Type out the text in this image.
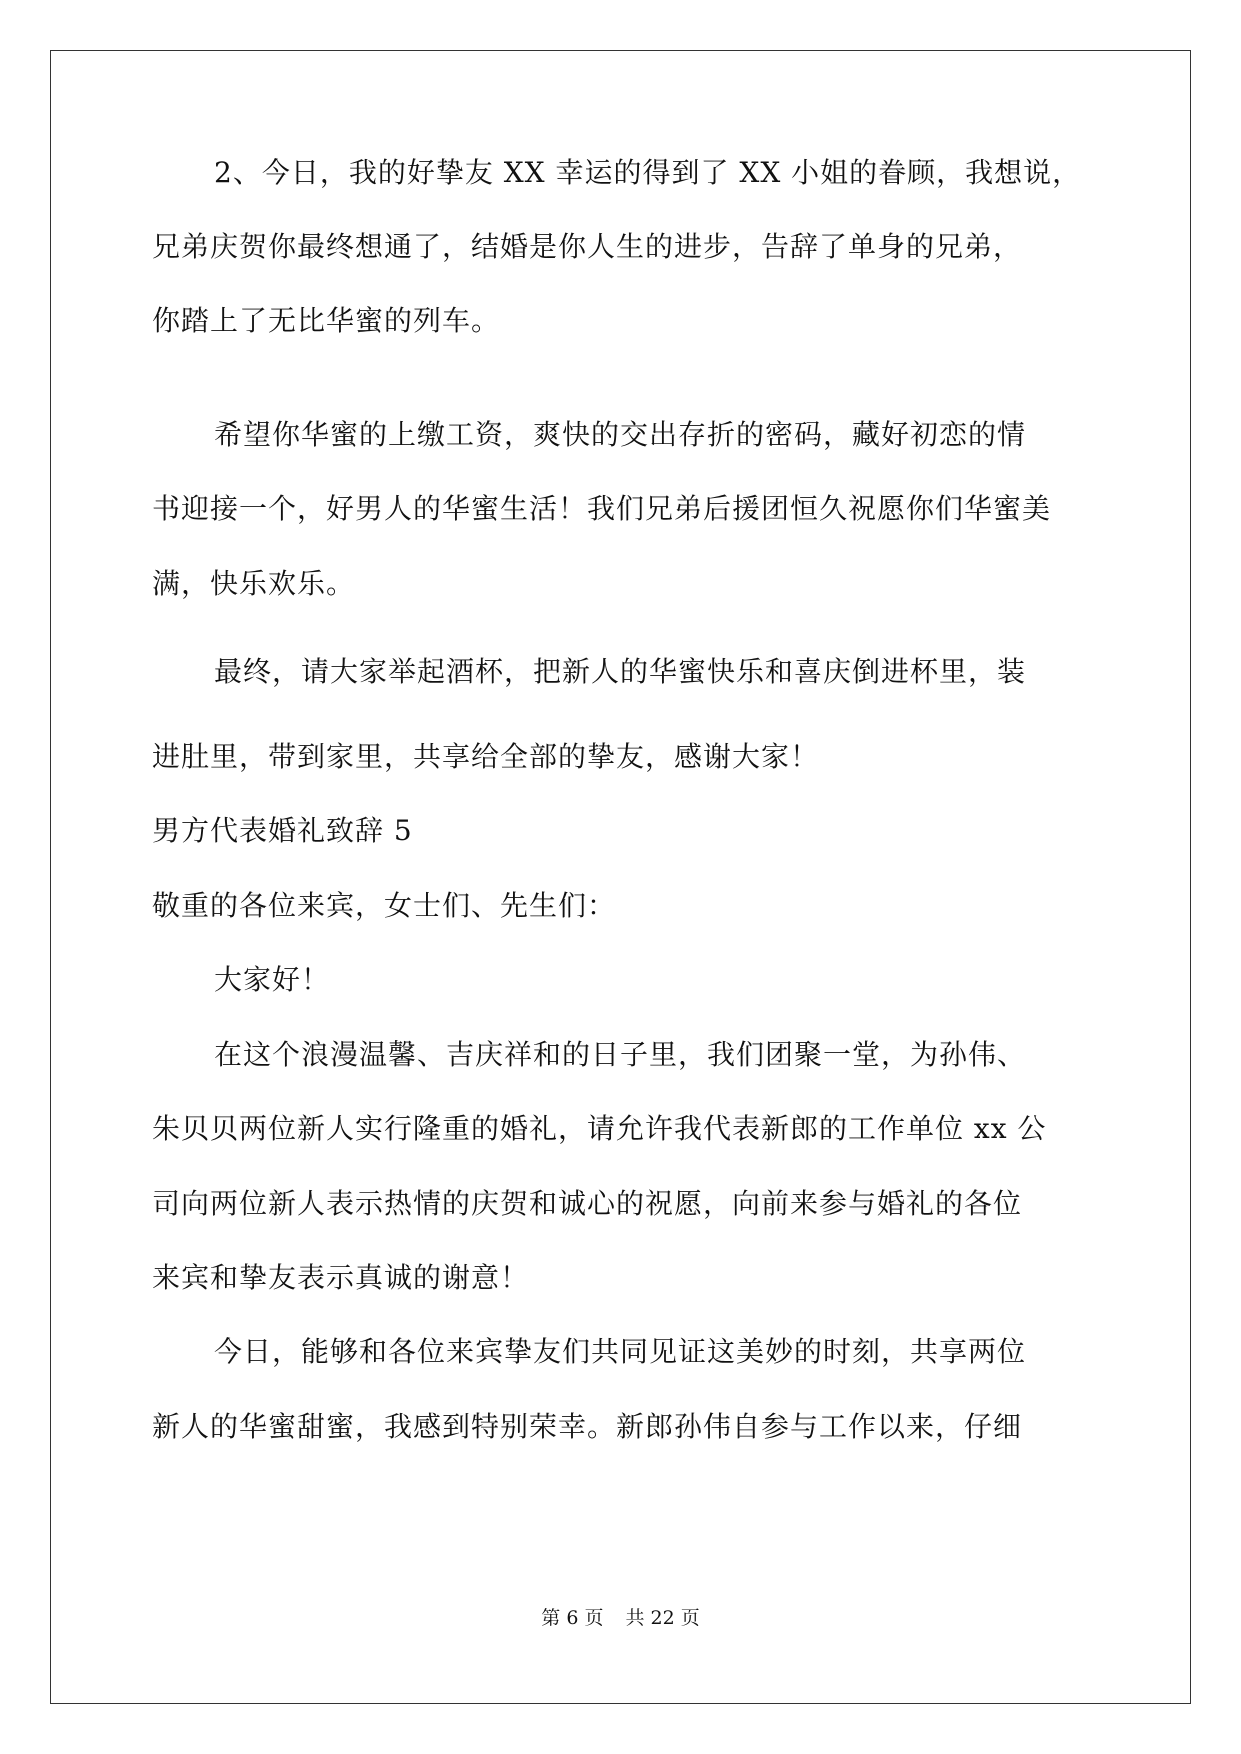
2、今日，我的好挚友 XX 幸运的得到了 XX 小姐的眷顾，我想说，
兄弟庆贺你最终想通了，结婚是你人生的进步，告辞了单身的兄弟，
你踏上了无比华蜜的列车。
希望你华蜜的上缴工资，爽快的交出存折的密码，藏好初恋的情
书迎接一个，好男人的华蜜生活！我们兄弟后援团恒久祝愿你们华蜜美
满，快乐欢乐。
最终，请大家举起酒杯，把新人的华蜜快乐和喜庆倒进杯里，装
进肚里，带到家里，共享给全部的挚友，感谢大家！
男方代表婚礼致辞 5
敬重的各位来宾，女士们、先生们：
大家好！
在这个浪漫温馨、吉庆祥和的日子里，我们团聚一堂，为孙伟、
朱贝贝两位新人实行隆重的婚礼，请允许我代表新郎的工作单位 xx 公
司向两位新人表示热情的庆贺和诚心的祝愿，向前来参与婚礼的各位
来宾和挚友表示真诚的谢意！
今日，能够和各位来宾挚友们共同见证这美妙的时刻，共享两位
新人的华蜜甜蜜，我感到特别荣幸。新郎孙伟自参与工作以来，仔细
第 6 页 共 22 页
